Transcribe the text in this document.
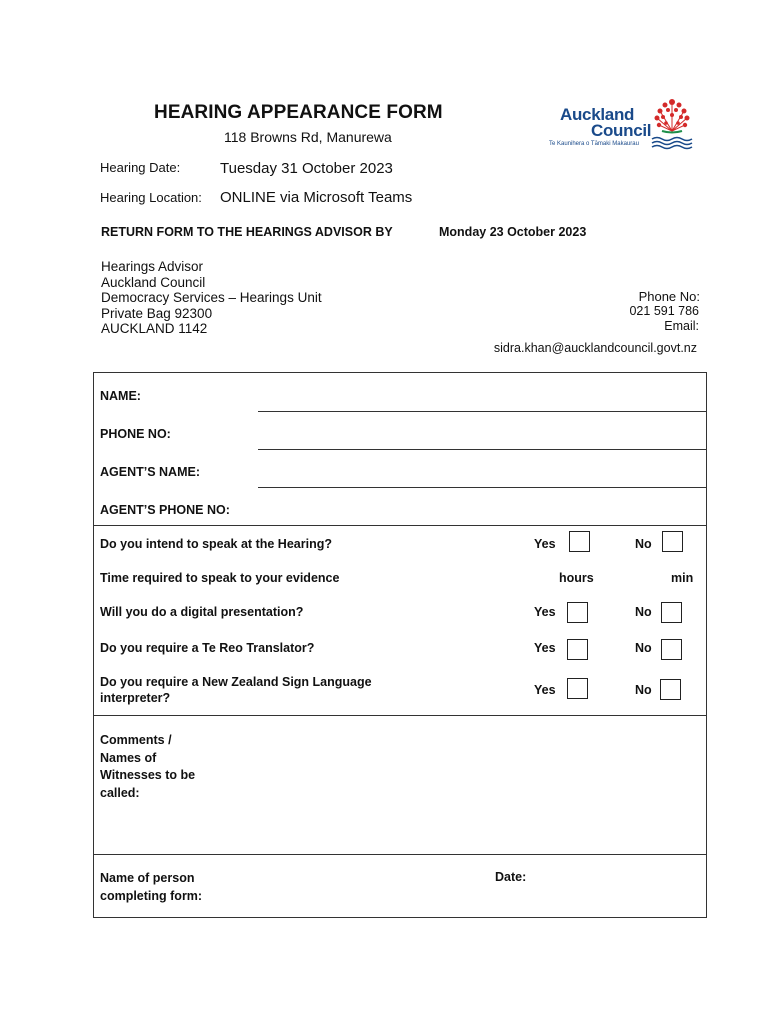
HEARING APPEARANCE FORM
118 Browns Rd, Manurewa
Auckland
Council
Te Kaunihera o Tāmaki Makaurau
Hearing Date:	Tuesday 31 October 2023
Hearing Location: ONLINE via Microsoft Teams
RETURN FORM TO THE HEARINGS ADVISOR BY	Monday 23 October 2023
Hearings Advisor
Auckland Council
Democracy Services – Hearings Unit
Private Bag 92300
AUCKLAND 1142
Phone No:
021 591 786
Email:
sidra.khan@aucklandcouncil.govt.nz
NAME:
PHONE NO:
AGENT’S NAME:
AGENT’S PHONE NO:
Do you intend to speak at the Hearing?	Yes	No
Time required to speak to your evidence	hours	min
Will you do a digital presentation?	Yes	No
Do you require a Te Reo Translator?	Yes	No
Do you require a New Zealand Sign Language
interpreter?
Yes	No
Comments /
Names of
Witnesses to be
called:
Name of person
completing form:
Date:
